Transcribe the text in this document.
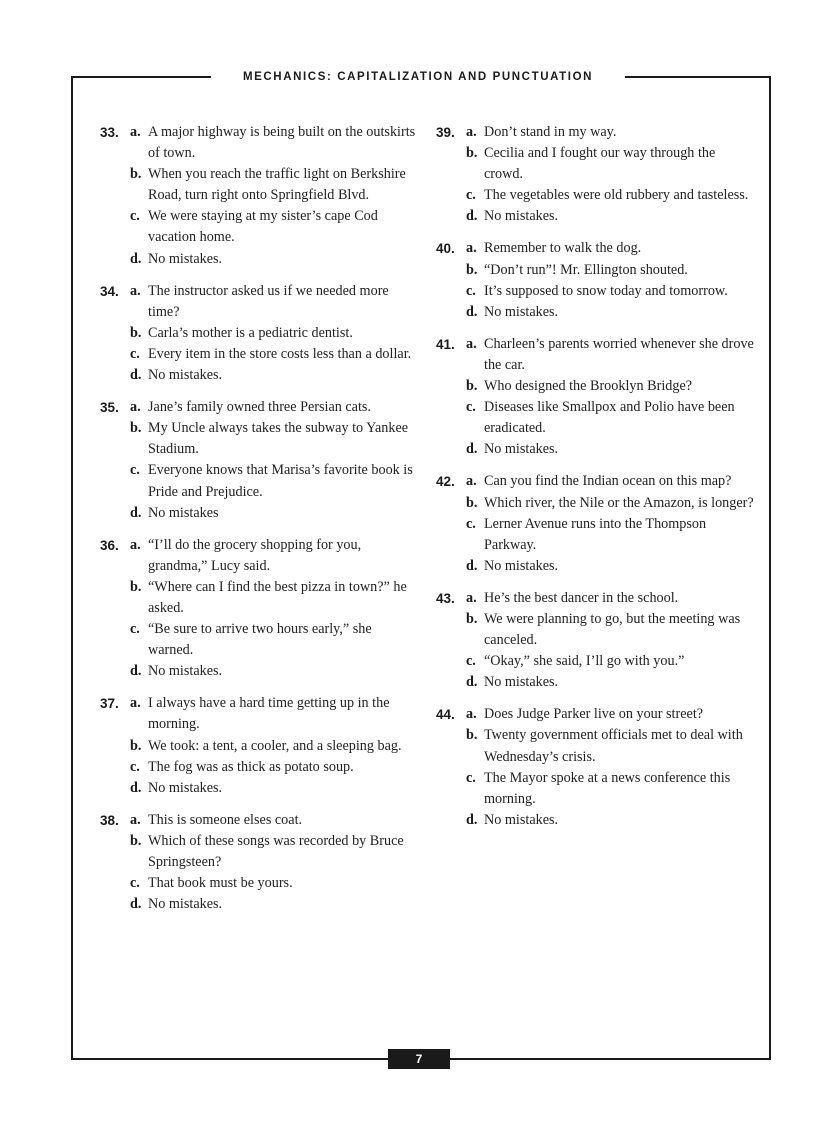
MECHANICS: CAPITALIZATION AND PUNCTUATION
33. a. A major highway is being built on the outskirts of town.
b. When you reach the traffic light on Berkshire Road, turn right onto Springfield Blvd.
c. We were staying at my sister’s cape Cod vacation home.
d. No mistakes.
34. a. The instructor asked us if we needed more time?
b. Carla’s mother is a pediatric dentist.
c. Every item in the store costs less than a dollar.
d. No mistakes.
35. a. Jane’s family owned three Persian cats.
b. My Uncle always takes the subway to Yankee Stadium.
c. Everyone knows that Marisa’s favorite book is Pride and Prejudice.
d. No mistakes
36. a. “I’ll do the grocery shopping for you, grandma,” Lucy said.
b. “Where can I find the best pizza in town?” he asked.
c. “Be sure to arrive two hours early,” she warned.
d. No mistakes.
37. a. I always have a hard time getting up in the morning.
b. We took: a tent, a cooler, and a sleeping bag.
c. The fog was as thick as potato soup.
d. No mistakes.
38. a. This is someone elses coat.
b. Which of these songs was recorded by Bruce Springsteen?
c. That book must be yours.
d. No mistakes.
39. a. Don’t stand in my way.
b. Cecilia and I fought our way through the crowd.
c. The vegetables were old rubbery and tasteless.
d. No mistakes.
40. a. Remember to walk the dog.
b. “Don’t run”! Mr. Ellington shouted.
c. It’s supposed to snow today and tomorrow.
d. No mistakes.
41. a. Charleen’s parents worried whenever she drove the car.
b. Who designed the Brooklyn Bridge?
c. Diseases like Smallpox and Polio have been eradicated.
d. No mistakes.
42. a. Can you find the Indian ocean on this map?
b. Which river, the Nile or the Amazon, is longer?
c. Lerner Avenue runs into the Thompson Parkway.
d. No mistakes.
43. a. He’s the best dancer in the school.
b. We were planning to go, but the meeting was canceled.
c. “Okay,” she said, I’ll go with you.”
d. No mistakes.
44. a. Does Judge Parker live on your street?
b. Twenty government officials met to deal with Wednesday’s crisis.
c. The Mayor spoke at a news conference this morning.
d. No mistakes.
7
